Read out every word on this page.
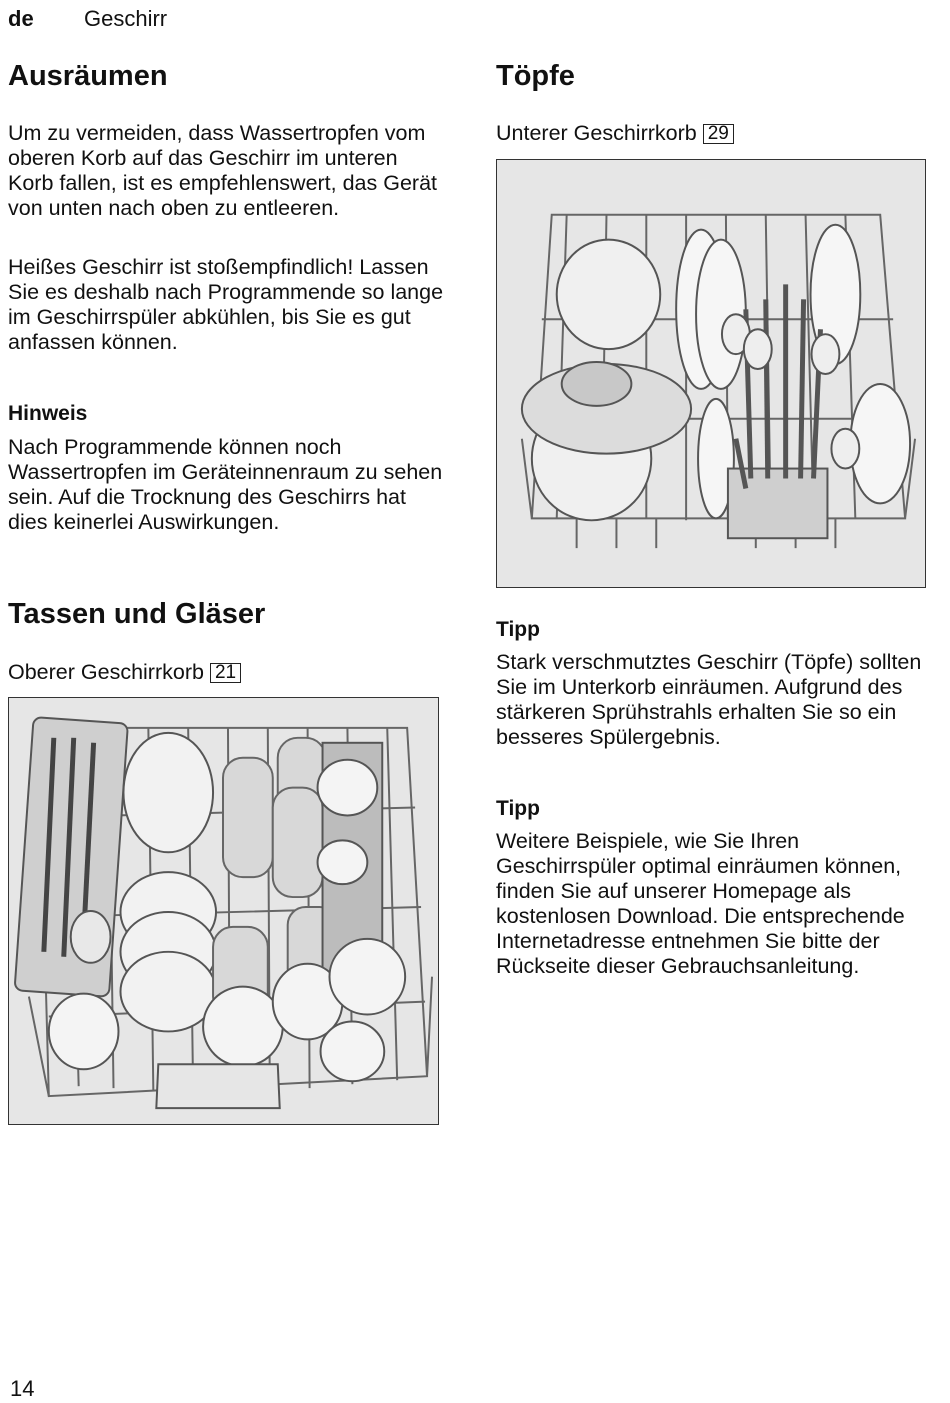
de Geschirr
Ausräumen

Um zu vermeiden, dass Wassertropfen vom oberen Korb auf das Geschirr im unteren Korb fallen, ist es empfehlenswert, das Gerät von unten nach oben zu entleeren.

Heißes Geschirr ist stoßempfindlich! Lassen Sie es deshalb nach Programmende so lange im Geschirrspüler abkühlen, bis Sie es gut anfassen können.

Hinweis

Nach Programmende können noch Wassertropfen im Geräteinnenraum zu sehen sein. Auf die Trocknung des Geschirrs hat dies keinerlei Auswirkungen.

Tassen und Gläser

Oberer Geschirrkorb 21

Töpfe

Unterer Geschirrkorb 29

Tipp

Stark verschmutztes Geschirr (Töpfe) sollten Sie im Unterkorb einräumen. Aufgrund des stärkeren Sprühstrahls erhalten Sie so ein besseres Spülergebnis.

Tipp

Weitere Beispiele, wie Sie Ihren Geschirrspüler optimal einräumen können, finden Sie auf unserer Homepage als kostenlosen Download. Die entsprechende Internetadresse entnehmen Sie bitte der Rückseite dieser Gebrauchsanleitung.

14
